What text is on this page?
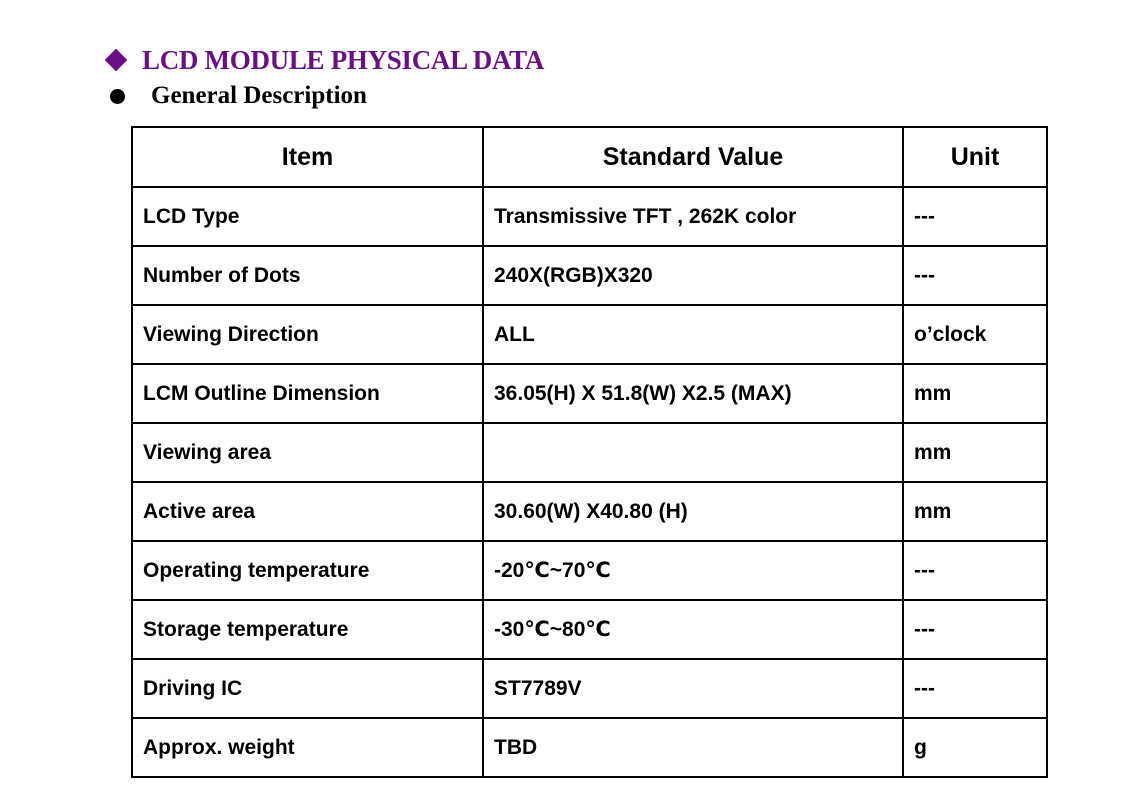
LCD MODULE PHYSICAL DATA
General Description
Item	Standard Value	Unit
LCD Type	Transmissive TFT , 262K color	---
Number of Dots	240X(RGB)X320	---
Viewing Direction	ALL	o’clock
LCM Outline Dimension	36.05(H) X 51.8(W) X2.5 (MAX)	mm
Viewing area		mm
Active area	30.60(W) X40.80 (H)	mm
Operating temperature	-20℃~70℃	---
Storage temperature	-30℃~80℃	---
Driving IC	ST7789V	---
Approx. weight	TBD	g
